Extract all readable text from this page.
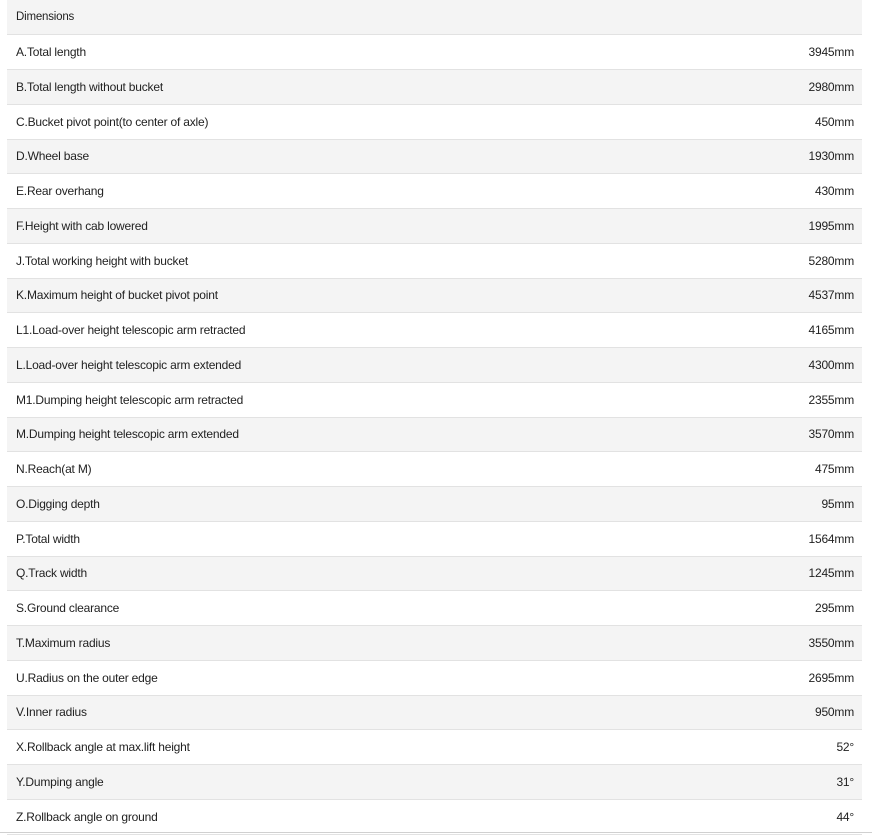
Dimensions	
A.Total length	3945mm
B.Total length without bucket	2980mm
C.Bucket pivot point(to center of axle)	450mm
D.Wheel base	1930mm
E.Rear overhang	430mm
F.Height with cab lowered	1995mm
J.Total working height with bucket	5280mm
K.Maximum height of bucket pivot point	4537mm
L1.Load-over height telescopic arm retracted	4165mm
L.Load-over height telescopic arm extended	4300mm
M1.Dumping height telescopic arm retracted	2355mm
M.Dumping height telescopic arm extended	3570mm
N.Reach(at M)	475mm
O.Digging depth	95mm
P.Total width	1564mm
Q.Track width	1245mm
S.Ground clearance	295mm
T.Maximum radius	3550mm
U.Radius on the outer edge	2695mm
V.Inner radius	950mm
X.Rollback angle at max.lift height	52°
Y.Dumping angle	31°
Z.Rollback angle on ground	44°
